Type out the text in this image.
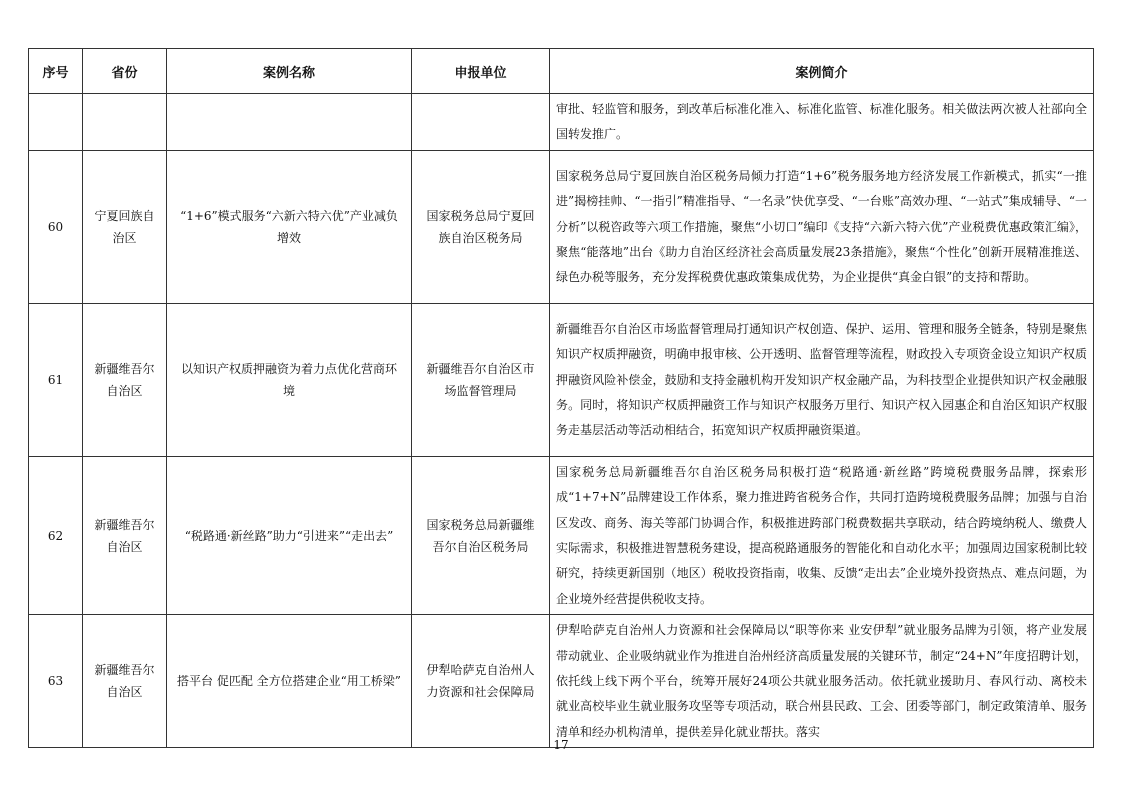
序号	省份	案例名称	申报单位	案例简介
				审批、轻监管和服务，到改革后标准化准入、标准化监管、标准化服务。相关做法两次被人社部向全国转发推广。
60	宁夏回族自治区	“1+6”模式服务“六新六特六优”产业减负增效	国家税务总局宁夏回族自治区税务局	国家税务总局宁夏回族自治区税务局倾力打造“1+6”税务服务地方经济发展工作新模式，抓实“一推进”揭榜挂帅、“一指引”精准指导、“一名录”快优享受、“一台账”高效办理、“一站式”集成辅导、“一分析”以税咨政等六项工作措施，聚焦“小切口”编印《支持“六新六特六优”产业税费优惠政策汇编》，聚焦“能落地”出台《助力自治区经济社会高质量发展23条措施》，聚焦“个性化”创新开展精准推送、绿色办税等服务，充分发挥税费优惠政策集成优势，为企业提供“真金白银”的支持和帮助。
61	新疆维吾尔自治区	以知识产权质押融资为着力点优化营商环境	新疆维吾尔自治区市场监督管理局	新疆维吾尔自治区市场监督管理局打通知识产权创造、保护、运用、管理和服务全链条，特别是聚焦知识产权质押融资，明确申报审核、公开透明、监督管理等流程，财政投入专项资金设立知识产权质押融资风险补偿金，鼓励和支持金融机构开发知识产权金融产品，为科技型企业提供知识产权金融服务。同时，将知识产权质押融资工作与知识产权服务万里行、知识产权入园惠企和自治区知识产权服务走基层活动等活动相结合，拓宽知识产权质押融资渠道。
62	新疆维吾尔自治区	“税路通·新丝路”助力“引进来”“走出去”	国家税务总局新疆维吾尔自治区税务局	国家税务总局新疆维吾尔自治区税务局积极打造“税路通·新丝路”跨境税费服务品牌，探索形成“1+7+N”品牌建设工作体系，聚力推进跨省税务合作，共同打造跨境税费服务品牌；加强与自治区发改、商务、海关等部门协调合作，积极推进跨部门税费数据共享联动，结合跨境纳税人、缴费人实际需求，积极推进智慧税务建设，提高税路通服务的智能化和自动化水平；加强周边国家税制比较研究，持续更新国别（地区）税收投资指南，收集、反馈“走出去”企业境外投资热点、难点问题，为企业境外经营提供税收支持。
63	新疆维吾尔自治区	搭平台 促匹配 全方位搭建企业“用工桥梁”	伊犁哈萨克自治州人力资源和社会保障局	伊犁哈萨克自治州人力资源和社会保障局以“职等你来 业安伊犁”就业服务品牌为引领，将产业发展带动就业、企业吸纳就业作为推进自治州经济高质量发展的关键环节，制定“24+N”年度招聘计划，依托线上线下两个平台，统筹开展好24项公共就业服务活动。依托就业援助月、春风行动、离校未就业高校毕业生就业服务攻坚等专项活动，联合州县民政、工会、团委等部门，制定政策清单、服务清单和经办机构清单，提供差异化就业帮扶。落实
17
